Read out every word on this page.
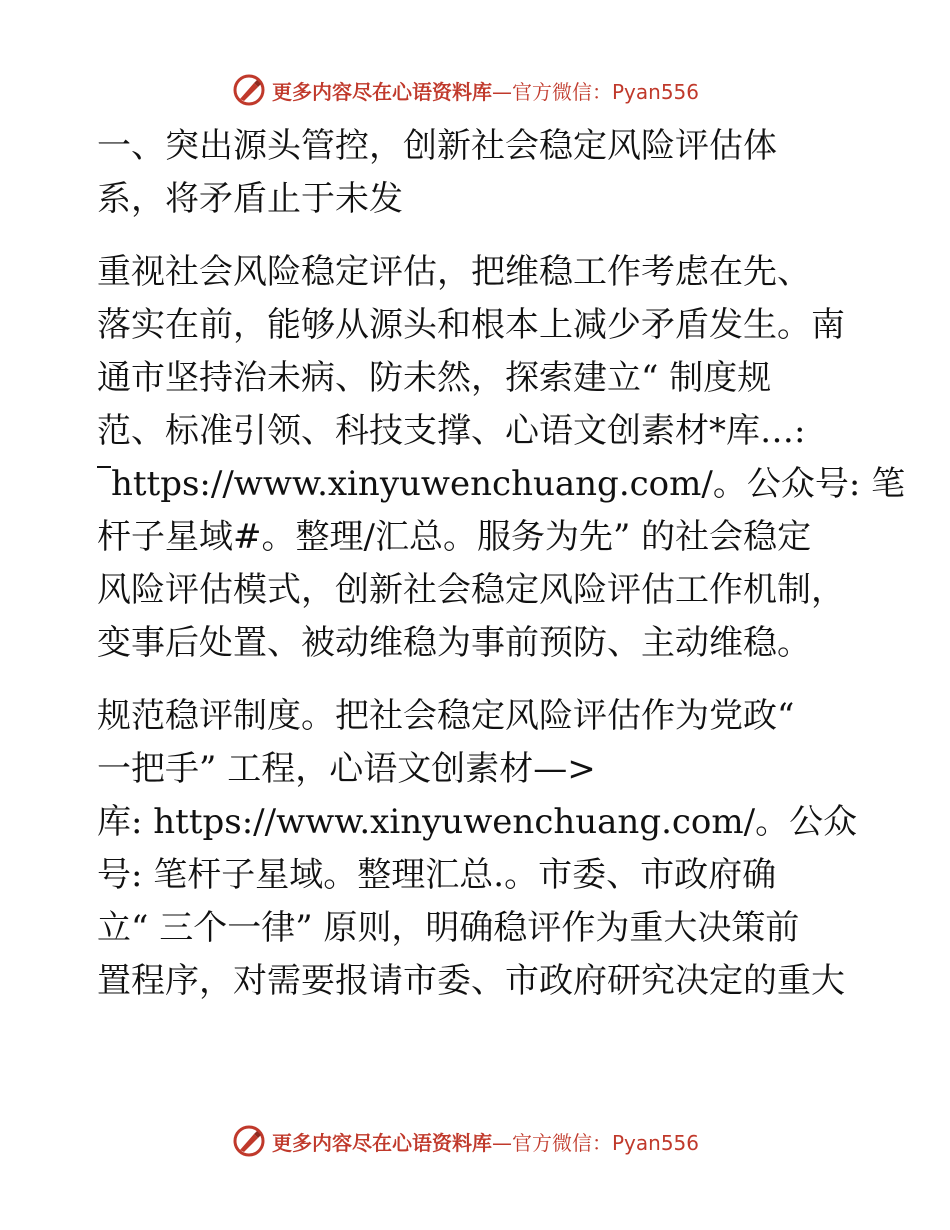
更多内容尽在心语资料库 —官方微信：Pyan556
一、突出源头管控，创新社会稳定风险评估体
系，将矛盾止于未发
重视社会风险稳定评估，把维稳工作考虑在先、
落实在前，能够从源头和根本上减少矛盾发生。南
通市坚持治未病、防未然，探索建立“ 制度规
范、标准引领、科技支撑、心语文创素材*库…:
https://www.xinyuwenchuang.com/。公众号: 笔
杆子星域#。整理/汇总。服务为先” 的社会稳定
风险评估模式，创新社会稳定风险评估工作机制，
变事后处置、被动维稳为事前预防、主动维稳。
规范稳评制度。把社会稳定风险评估作为党政“
一把手” 工程，心语文创素材—>
库: https://www.xinyuwenchuang.com/。公众
号: 笔杆子星域。整理汇总.。市委、市政府确
立“ 三个一律” 原则，明确稳评作为重大决策前
置程序，对需要报请市委、市政府研究决定的重大
更多内容尽在心语资料库 —官方微信：Pyan556
